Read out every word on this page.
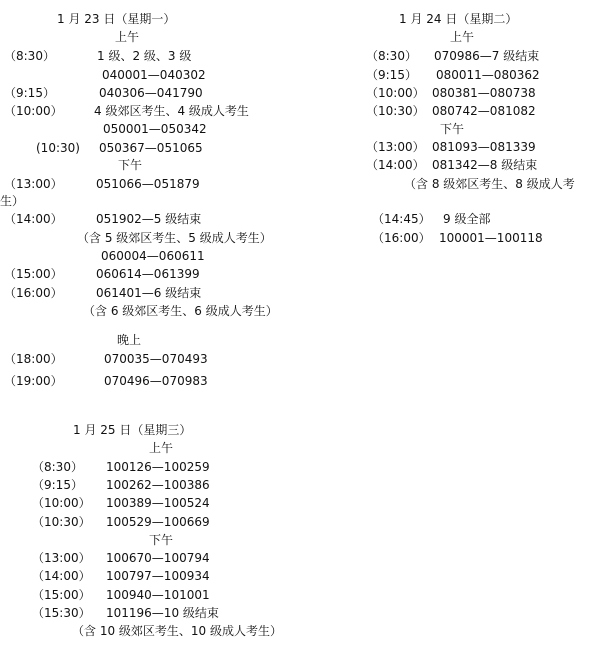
1 月 23 日（星期一）
上午
（8:30）	1 级、2 级、3 级
040001—040302
（9:15）	040306—041790
（10:00）	4 级郊区考生、4 级成人考生
050001—050342
(10:30) 050367—051065
下午
（13:00）	051066—051879
生）
（14:00）	051902—5 级结束
（含 5 级郊区考生、5 级成人考生）
060004—060611
（15:00）	060614—061399
（16:00）	061401—6 级结束
（含 6 级郊区考生、6 级成人考生）
晚上
（18:00）	070035—070493
（19:00）	070496—070983
1 月 24 日（星期二）
上午
（8:30） 070986—7 级结束
（9:15） 080011—080362
（10:00） 080381—080738
（10:30） 080742—081082
下午
（13:00） 081093—081339
（14:00） 081342—8 级结束
（含 8 级郊区考生、8 级成人考
（14:45） 9 级全部
（16:00） 100001—100118
1 月 25 日（星期三）
上午
（8:30） 100126—100259
（9:15） 100262—100386
（10:00） 100389—100524
（10:30） 100529—100669
下午
（13:00） 100670—100794
（14:00） 100797—100934
（15:00） 100940—101001
（15:30） 101196—10 级结束
（含 10 级郊区考生、10 级成人考生）
